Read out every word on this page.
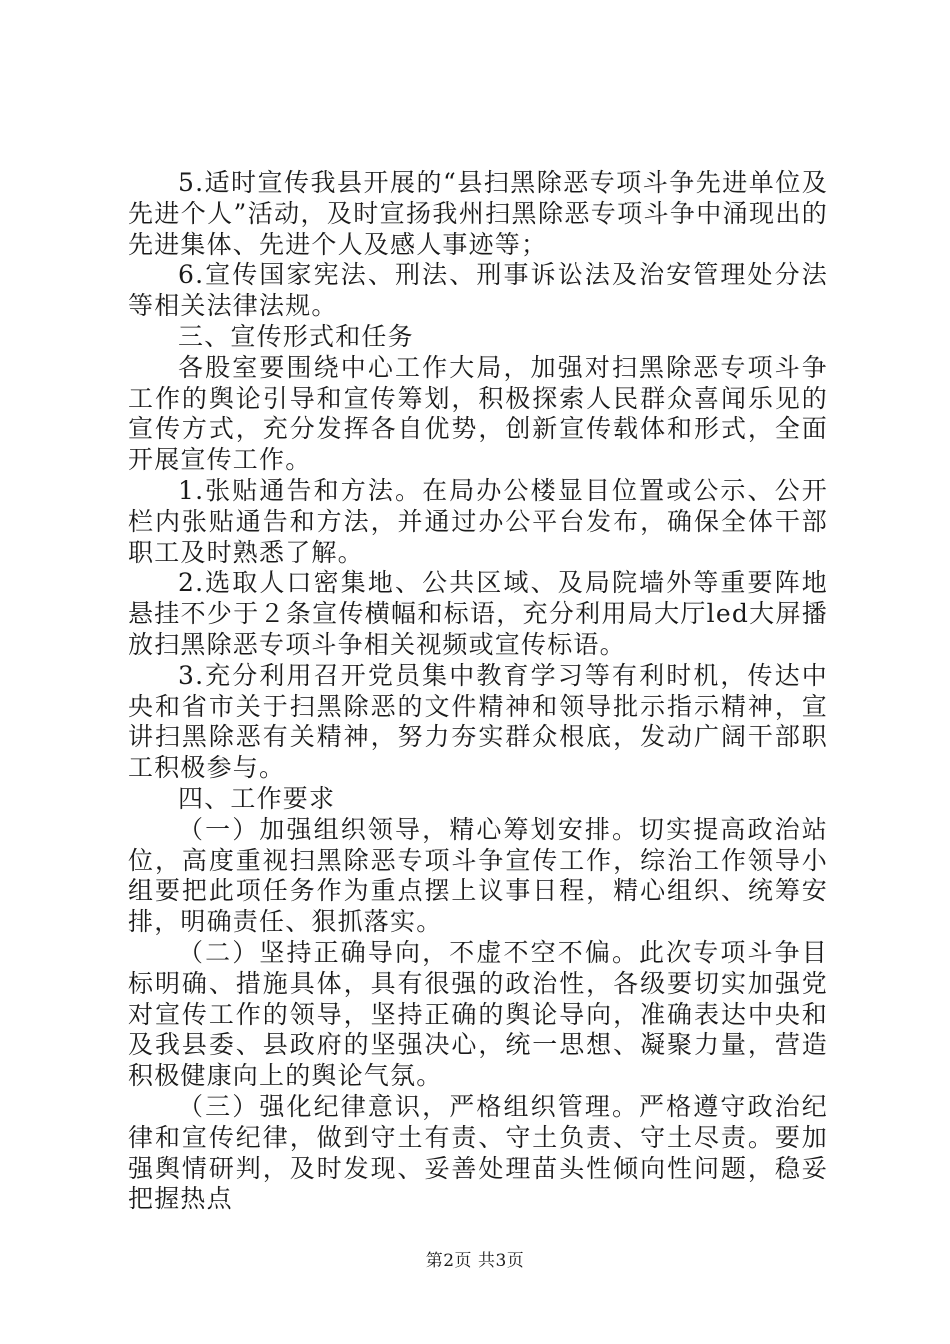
5.适时宣传我县开展的“县扫黑除恶专项斗争先进单位及先进个人”活动，及时宣扬我州扫黑除恶专项斗争中涌现出的先进集体、先进个人及感人事迹等；

6.宣传国家宪法、刑法、刑事诉讼法及治安管理处分法等相关法律法规。

三、宣传形式和任务

各股室要围绕中心工作大局，加强对扫黑除恶专项斗争工作的舆论引导和宣传筹划，积极探索人民群众喜闻乐见的宣传方式，充分发挥各自优势，创新宣传载体和形式，全面开展宣传工作。

1.张贴通告和方法。在局办公楼显目位置或公示、公开栏内张贴通告和方法，并通过办公平台发布，确保全体干部职工及时熟悉了解。

2.选取人口密集地、公共区域、及局院墙外等重要阵地悬挂不少于２条宣传横幅和标语，充分利用局大厅led大屏播放扫黑除恶专项斗争相关视频或宣传标语。

3.充分利用召开党员集中教育学习等有利时机，传达中央和省市关于扫黑除恶的文件精神和领导批示指示精神，宣讲扫黑除恶有关精神，努力夯实群众根底，发动广阔干部职工积极参与。

四、工作要求

（一）加强组织领导，精心筹划安排。切实提高政治站位，高度重视扫黑除恶专项斗争宣传工作，综治工作领导小组要把此项任务作为重点摆上议事日程，精心组织、统筹安排，明确责任、狠抓落实。

（二）坚持正确导向，不虚不空不偏。此次专项斗争目标明确、措施具体，具有很强的政治性，各级要切实加强党对宣传工作的领导，坚持正确的舆论导向，准确表达中央和及我县委、县政府的坚强决心，统一思想、凝聚力量，营造积极健康向上的舆论气氛。

（三）强化纪律意识，严格组织管理。严格遵守政治纪律和宣传纪律，做到守土有责、守土负责、守土尽责。要加强舆情研判，及时发现、妥善处理苗头性倾向性问题，稳妥把握热点

第2页 共3页
